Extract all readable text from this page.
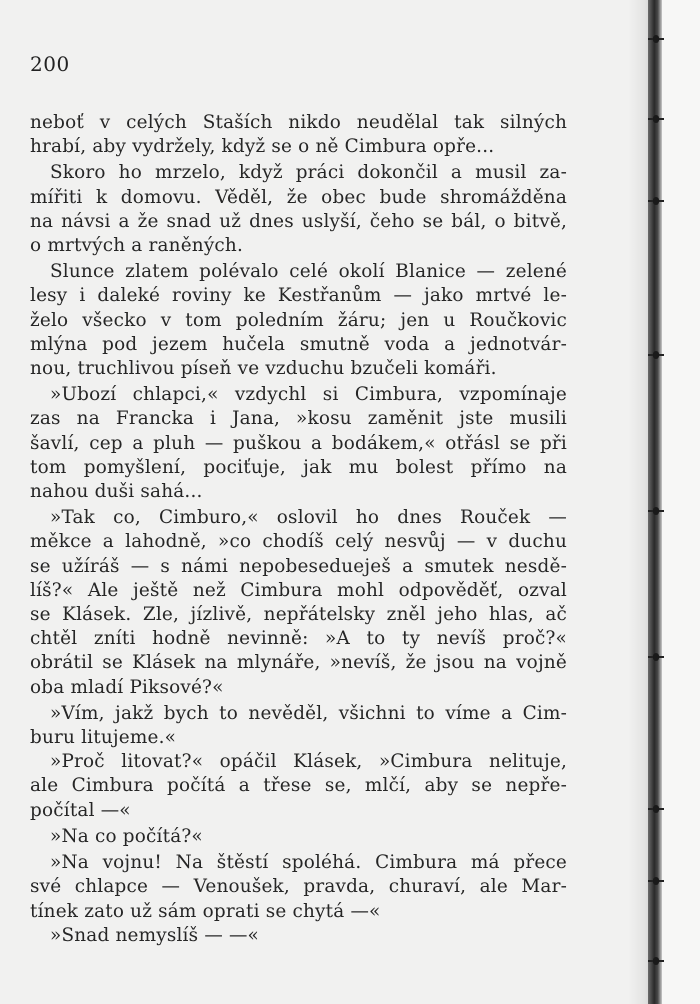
200
neboť v celých Staších nikdo neudělal tak silných
hrabí, aby vydržely, když se o ně Cimbura opře...
Skoro ho mrzelo, když práci dokončil a musil za-
mířiti k domovu. Věděl, že obec bude shromážděna
na návsi a že snad už dnes uslyší, čeho se bál, o bitvě,
o mrtvých a raněných.
Slunce zlatem polévalo celé okolí Blanice — zelené
lesy i daleké roviny ke Kestřanům — jako mrtvé le-
želo všecko v tom poledním žáru; jen u Roučkovic
mlýna pod jezem hučela smutně voda a jednotvár-
nou, truchlivou píseň ve vzduchu bzučeli komáři.
»Ubozí chlapci,« vzdychl si Cimbura, vzpomínaje
zas na Francka i Jana, »kosu zaměnit jste musili
šavlí, cep a pluh — puškou a bodákem,« otřásl se při
tom pomyšlení, pociťuje, jak mu bolest přímo na
nahou duši sahá...
»Tak co, Cimburo,« oslovil ho dnes Rouček —
měkce a lahodně, »co chodíš celý nesvůj — v duchu
se užíráš — s námi nepobesedueješ a smutek nesdě-
líš?« Ale ještě než Cimbura mohl odpověděť, ozval
se Klásek. Zle, jízlivě, nepřátelsky zněl jeho hlas, ač
chtěl zníti hodně nevinně: »A to ty nevíš proč?«
obrátil se Klásek na mlynáře, »nevíš, že jsou na vojně
oba mladí Piksové?«
»Vím, jakž bych to nevěděl, všichni to víme a Cim-
buru litujeme.«
»Proč litovat?« opáčil Klásek, »Cimbura nelituje,
ale Cimbura počítá a třese se, mlčí, aby se nepře-
počítal —«
»Na co počítá?«
»Na vojnu! Na štěstí spoléhá. Cimbura má přece
své chlapce — Venoušek, pravda, churaví, ale Mar-
tínek zato už sám oprati se chytá —«
»Snad nemyslíš — —«
